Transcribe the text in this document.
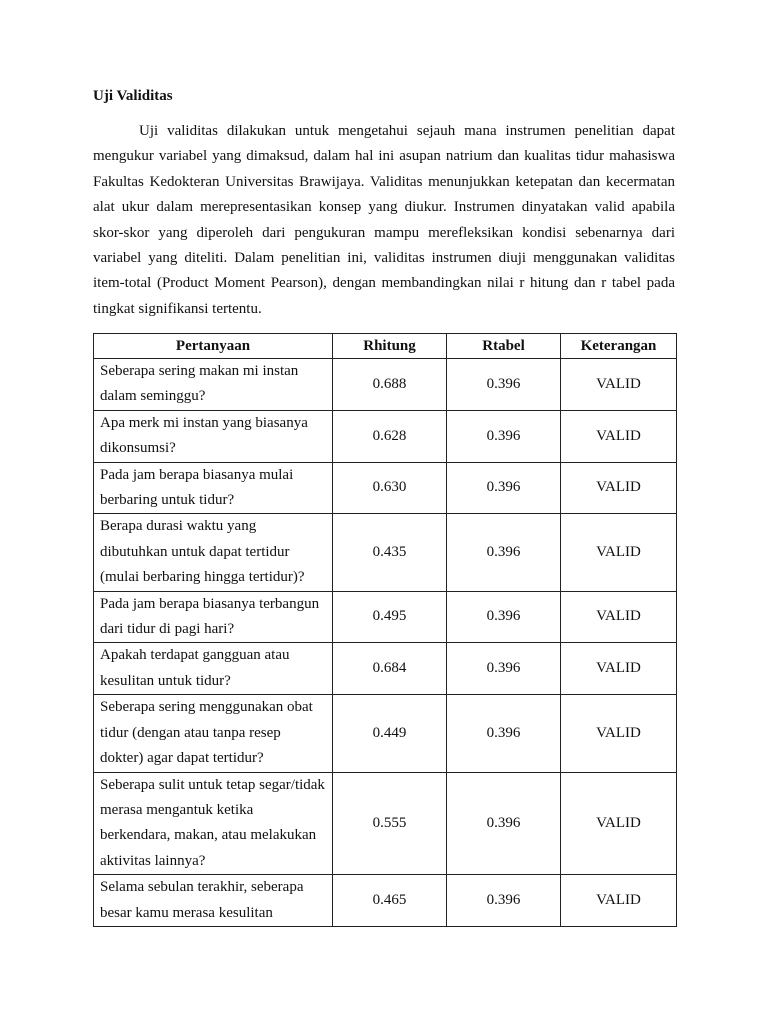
Uji Validitas

Uji validitas dilakukan untuk mengetahui sejauh mana instrumen penelitian dapat mengukur variabel yang dimaksud, dalam hal ini asupan natrium dan kualitas tidur mahasiswa Fakultas Kedokteran Universitas Brawijaya. Validitas menunjukkan ketepatan dan kecermatan alat ukur dalam merepresentasikan konsep yang diukur. Instrumen dinyatakan valid apabila skor-skor yang diperoleh dari pengukuran mampu merefleksikan kondisi sebenarnya dari variabel yang diteliti. Dalam penelitian ini, validitas instrumen diuji menggunakan validitas item-total (Product Moment Pearson), dengan membandingkan nilai r hitung dan r tabel pada tingkat signifikansi tertentu.

Pertanyaan	Rhitung	Rtabel	Keterangan
Seberapa sering makan mi instan dalam seminggu?	0.688	0.396	VALID
Apa merk mi instan yang biasanya dikonsumsi?	0.628	0.396	VALID
Pada jam berapa biasanya mulai berbaring untuk tidur?	0.630	0.396	VALID
Berapa durasi waktu yang dibutuhkan untuk dapat tertidur (mulai berbaring hingga tertidur)?	0.435	0.396	VALID
Pada jam berapa biasanya terbangun dari tidur di pagi hari?	0.495	0.396	VALID
Apakah terdapat gangguan atau kesulitan untuk tidur?	0.684	0.396	VALID
Seberapa sering menggunakan obat tidur (dengan atau tanpa resep dokter) agar dapat tertidur?	0.449	0.396	VALID
Seberapa sulit untuk tetap segar/tidak merasa mengantuk ketika berkendara, makan, atau melakukan aktivitas lainnya?	0.555	0.396	VALID
Selama sebulan terakhir, seberapa besar kamu merasa kesulitan	0.465	0.396	VALID
